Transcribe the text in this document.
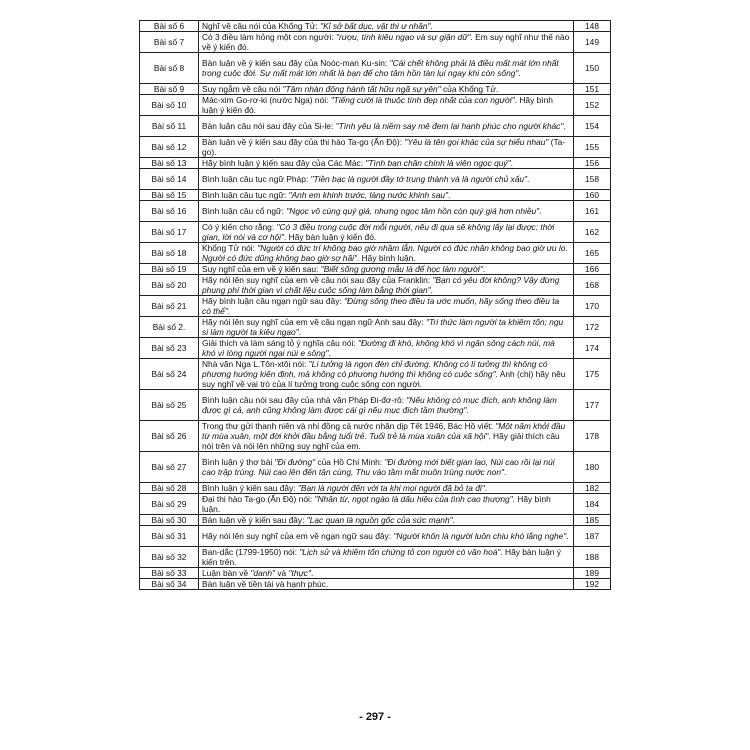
Bài số 6	Nghĩ về câu nói của Khổng Tử: "Kỉ sở bất dục, vật thi ư nhân".	148
Bài số 7	Có 3 điều làm hỏng một con người: "rượu, tính kiêu ngạo và sự giận dữ". Em suy nghĩ như thế nào về ý kiến đó.	149
Bài số 8	Bàn luận về ý kiến sau đây của Noóc-man Ku-sin: "Cái chết không phải là điều mất mát lớn nhất trong cuộc đời. Sự mất mát lớn nhất là bạn để cho tâm hồn tàn lụi ngay khi còn sống".	150
Bài số 9	Suy ngẫm về câu nói "Tâm nhàn động hành tất hữu ngã sự yên" của Khổng Tử.	151
Bài số 10	Mác-xim Go-rơ-ki (nước Nga) nói: "Tiếng cười là thuộc tính đẹp nhất của con người". Hãy bình luận ý kiến đó.	152
Bài số 11	Bàn luận câu nói sau đây của Si-le: "Tình yêu là niềm say mê đem lại hạnh phúc cho người khác".	154
Bài số 12	Bàn luận về ý kiến sau đây của thi hào Ta-go (Ấn Độ): "Yêu là tên gọi khác của sự hiểu nhau" (Ta-go).	155
Bài số 13	Hãy bình luận ý kiến sau đây của Các Mác: "Tình bạn chân chính là viên ngọc quý".	156
Bài số 14	Bình luận câu tục ngữ Pháp: "Tiền bạc là người đầy tớ trung thành và là người chủ xấu".	158
Bài số 15	Bình luận câu tục ngữ: "Anh em khinh trước, làng nước khinh sau".	160
Bài số 16	Bình luận câu cổ ngữ: "Ngọc vô cùng quý giá, nhưng ngọc tâm hồn còn quý giá hơn nhiều".	161
Bài số 17	Có ý kiến cho rằng: "Có 3 điều trong cuộc đời mỗi người, nếu đi qua sẽ không lấy lại được: thời gian, lời nói và cơ hội". Hãy bàn luận ý kiến đó.	162
Bài số 18	Khổng Tử nói: "Người có đức trí không bao giờ nhầm lẫn. Người có đức nhân không bao giờ ưu lo. Người có đức dũng không bao giờ sợ hãi". Hãy bình luận.	165
Bài số 19	Suy nghĩ của em về ý kiến sau: "Biết sống gương mẫu là để học làm người".	166
Bài số 20	Hãy nói lên suy nghĩ của em về câu nói sau đây của Franklin: "Bạn có yêu đời không? Vậy đừng phung phí thời gian vì chất liệu cuộc sống làm bằng thời gian".	168
Bài số 21	Hãy bình luận câu ngạn ngữ sau đây: "Đừng sống theo điều ta ước muốn, hãy sống theo điều ta có thể".	170
Bài số 2.	Hãy nói lên suy nghĩ của em về câu ngạn ngữ Anh sau đây: "Tri thức làm người ta khiêm tốn; ngu si làm người ta kiêu ngạo".	172
Bài số 23	Giải thích và làm sáng tỏ ý nghĩa câu nói: "Đường đi khó, không khó vì ngăn sông cách núi, mà khó vì lòng người ngại núi e sông".	174
Bài số 24	Nhà văn Nga L.Tôn-xtôi nói: "Lí tưởng là ngọn đèn chỉ đường. Không có lí tưởng thì không có phương hướng kiên định, mà không có phương hướng thì không có cuộc sống". Anh (chị) hãy nêu suy nghĩ về vai trò của lí tưởng trong cuộc sống con người.	175
Bài số 25	Bình luận câu nói sau đây của nhà văn Pháp Đi-đơ-rô: "Nếu không có mục đích, anh không làm được gì cả, anh cũng không làm được cái gì nếu mục đích tầm thường".	177
Bài số 26	Trong thư gửi thanh niên và nhi đồng cả nước nhân dịp Tết 1946, Bác Hồ viết: "Một năm khởi đầu từ mùa xuân, một đời khởi đầu bằng tuổi trẻ. Tuổi trẻ là mùa xuân của xã hội". Hãy giải thích câu nói trên và nói lên những suy nghĩ của em.	178
Bài số 27	Bình luận ý thơ bài "Đi đường" của Hồ Chí Minh: "Đi đường mới biết gian lao, Núi cao rồi lại núi cao trập trùng. Núi cao lên đến tận cùng, Thu vào tầm mắt muôn trùng nước non".	180
Bài số 28	Bình luận ý kiến sau đây: "Bạn là người đến với ta khi mọi người đã bỏ ta đi".	182
Bài số 29	Đại thi hào Ta-go (Ấn Độ) nói: "Nhân từ, ngọt ngào là dấu hiệu của tình cao thượng". Hãy bình luận.	184
Bài số 30	Bàn luận về ý kiến sau đây: "Lạc quan là nguồn gốc của sức mạnh".	185
Bài số 31	Hãy nói lên suy nghĩ của em về ngạn ngữ sau đây: "Người khôn là người luôn chịu khó lắng nghe".	187
Bài số 32	Ban-dắc (1799-1950) nói: "Lịch sử và khiêm tốn chứng tỏ con người có văn hoá". Hãy bàn luận ý kiến trên.	188
Bài số 33	Luận bàn về "danh" và "thực".	189
Bài số 34	Bàn luận về tiền tài và hạnh phúc.	192
- 297 -
